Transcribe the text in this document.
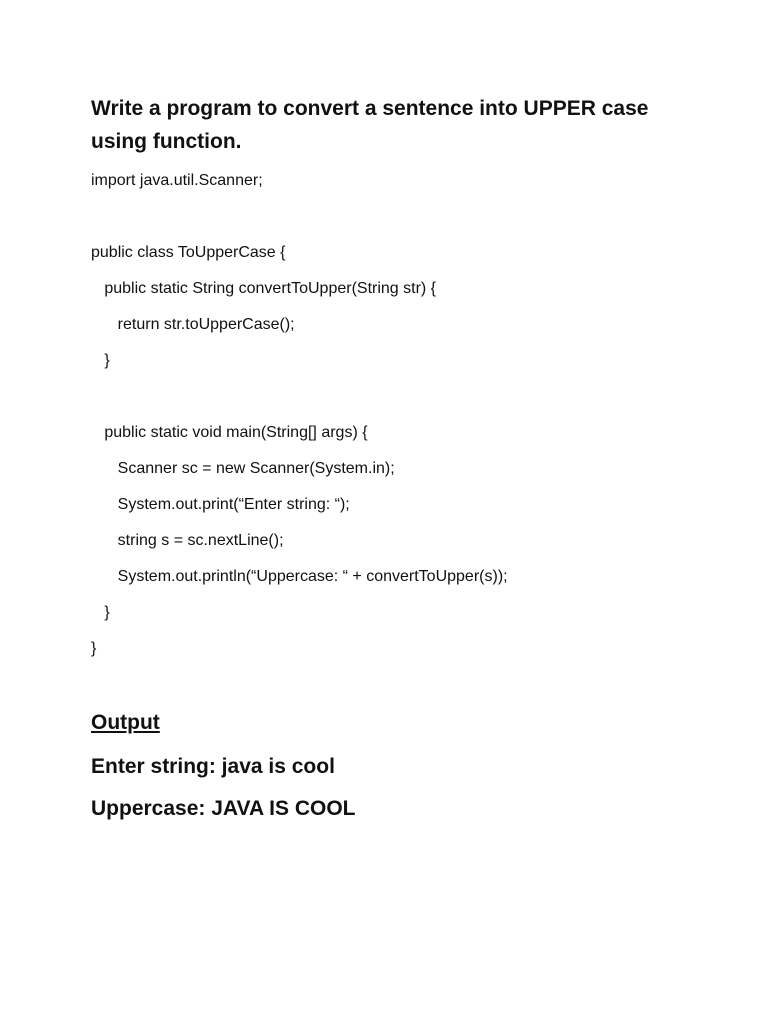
Write a program to convert a sentence into UPPER case using function.
import java.util.Scanner;
public class ToUpperCase {
public static String convertToUpper(String str) {
return str.toUpperCase();
}
public static void main(String[] args) {
Scanner sc = new Scanner(System.in);
System.out.print(“Enter string: “);
string s = sc.nextLine();
System.out.println(“Uppercase: “ + convertToUpper(s));
}
}
Output

Enter string: java is cool

Uppercase: JAVA IS COOL
